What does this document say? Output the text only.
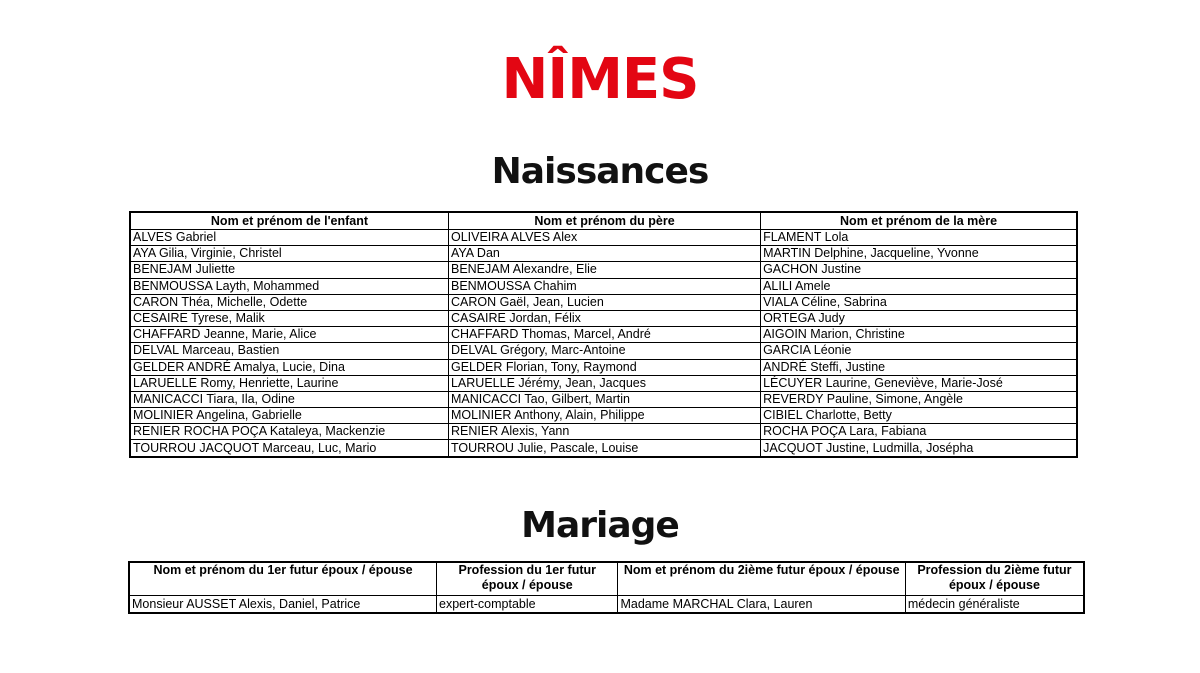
NÎMES
Naissances
Nom et prénom de l'enfant	Nom et prénom du père	Nom et prénom de la mère
ALVES Gabriel	OLIVEIRA ALVES Alex	FLAMENT Lola
AYA Gilia, Virginie, Christel	AYA Dan	MARTIN Delphine, Jacqueline, Yvonne
BENEJAM Juliette	BENEJAM Alexandre, Elie	GACHON Justine
BENMOUSSA Layth, Mohammed	BENMOUSSA Chahim	ALILI Amele
CARON Théa, Michelle, Odette	CARON Gaël, Jean, Lucien	VIALA Céline, Sabrina
CESAIRE Tyrese, Malik	CASAIRE Jordan, Félix	ORTEGA Judy
CHAFFARD Jeanne, Marie, Alice	CHAFFARD Thomas, Marcel, André	AIGOIN Marion, Christine
DELVAL Marceau, Bastien	DELVAL Grégory, Marc-Antoine	GARCIA Léonie
GELDER ANDRÉ Amalya, Lucie, Dina	GELDER Florian, Tony, Raymond	ANDRÉ Steffi, Justine
LARUELLE Romy, Henriette, Laurine	LARUELLE Jérémy, Jean, Jacques	LÉCUYER Laurine, Geneviève, Marie-José
MANICACCI Tiara, Ila, Odine	MANICACCI Tao, Gilbert, Martin	REVERDY Pauline, Simone, Angèle
MOLINIER Angelina, Gabrielle	MOLINIER Anthony, Alain, Philippe	CIBIEL Charlotte, Betty
RENIER ROCHA POÇA Kataleya, Mackenzie	RENIER Alexis, Yann	ROCHA POÇA Lara, Fabiana
TOURROU JACQUOT Marceau, Luc, Mario	TOURROU Julie, Pascale, Louise	JACQUOT Justine, Ludmilla, Josépha
Mariage
Nom et prénom du 1er futur époux / épouse	Profession du 1er futur époux / épouse	Nom et prénom du 2ième futur époux / épouse	Profession du 2ième futur époux / épouse
Monsieur AUSSET Alexis, Daniel, Patrice	expert-comptable	Madame MARCHAL Clara, Lauren	médecin généraliste
